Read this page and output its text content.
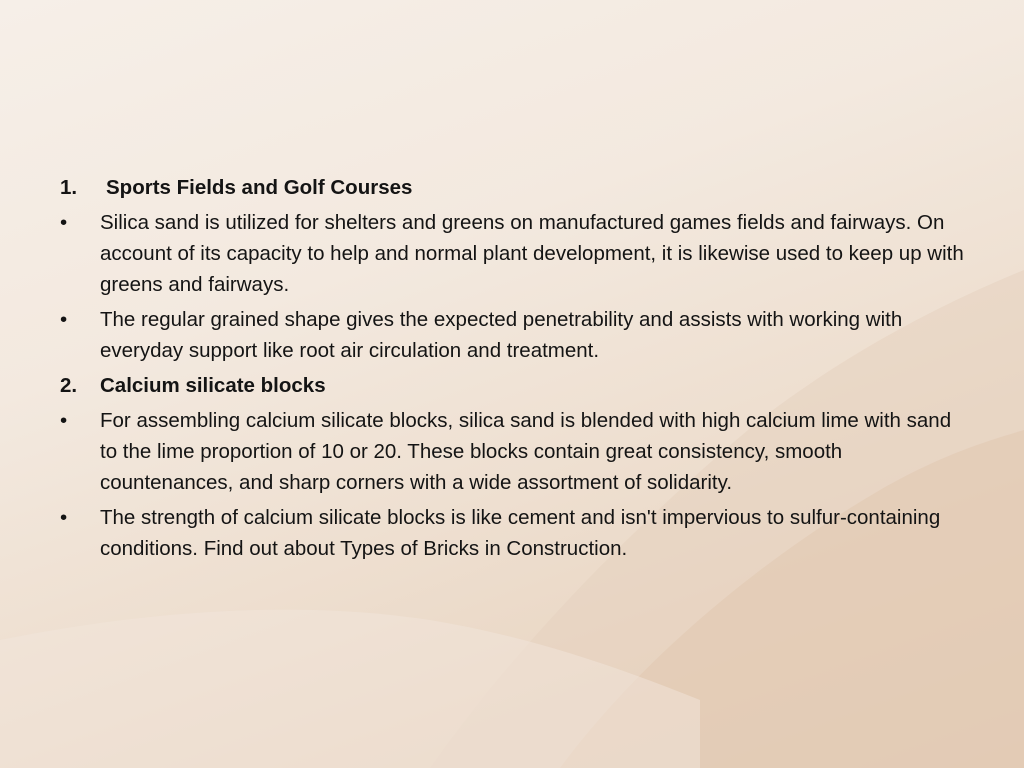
1.	Sports Fields and Golf Courses
•	Silica sand is utilized for shelters and greens on manufactured games fields and fairways. On account of its capacity to help and normal plant development, it is likewise used to keep up with greens and fairways.
•	The regular grained shape gives the expected penetrability and assists with working with everyday support like root air circulation and treatment.
2.	Calcium silicate blocks
•	For assembling calcium silicate blocks, silica sand is blended with high calcium lime with sand to the lime proportion of 10 or 20. These blocks contain great consistency, smooth countenances, and sharp corners with a wide assortment of solidarity.
•	The strength of calcium silicate blocks is like cement and isn't impervious to sulfur-containing conditions. Find out about Types of Bricks in Construction.
